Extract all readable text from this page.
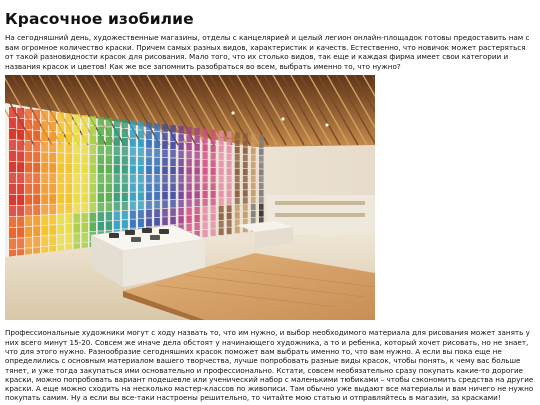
Красочное изобилие

На сегодняшний день, художественные магазины, отделы с канцелярией и целый легион онлайн-площадок готовы предоставить нам с вам огромное количество краски. Причем самых разных видов, характеристик и качеств. Естественно, что новичок может растеряться от такой разновидности красок для рисования. Мало того, что их столько видов, так еще и каждая фирма имеет свои категории и названия красок и цветов! Как же все запомнить разобраться во всем, выбрать именно то, что нужно?

Профессиональные художники могут с ходу назвать то, что им нужно, и выбор необходимого материала для рисования может занять у них всего минут 15-20. Совсем же иначе дела обстоят у начинающего художника, а то и ребенка, который хочет рисовать, но не знает, что для этого нужно. Разнообразие сегодняшних красок поможет вам выбрать именно то, что вам нужно. А если вы пока еще не определились с основным материалом вашего творчества, лучше попробовать разные виды красок, чтобы понять, к чему вас больше тянет, и уже тогда закупаться ими основательно и профессионально. Кстати, совсем необязательно сразу покупать какие-то дорогие краски, можно попробовать вариант подешевле или ученический набор с маленькими тюбиками – чтобы сэкономить средства на другие краски. А еще можно сходить на несколько мастер-классов по живописи. Там обычно уже выдают все материалы и вам ничего не нужно покупать самим. Ну а если вы все-таки настроены решительно, то читайте мою статью и отправляйтесь в магазин, за красками!
